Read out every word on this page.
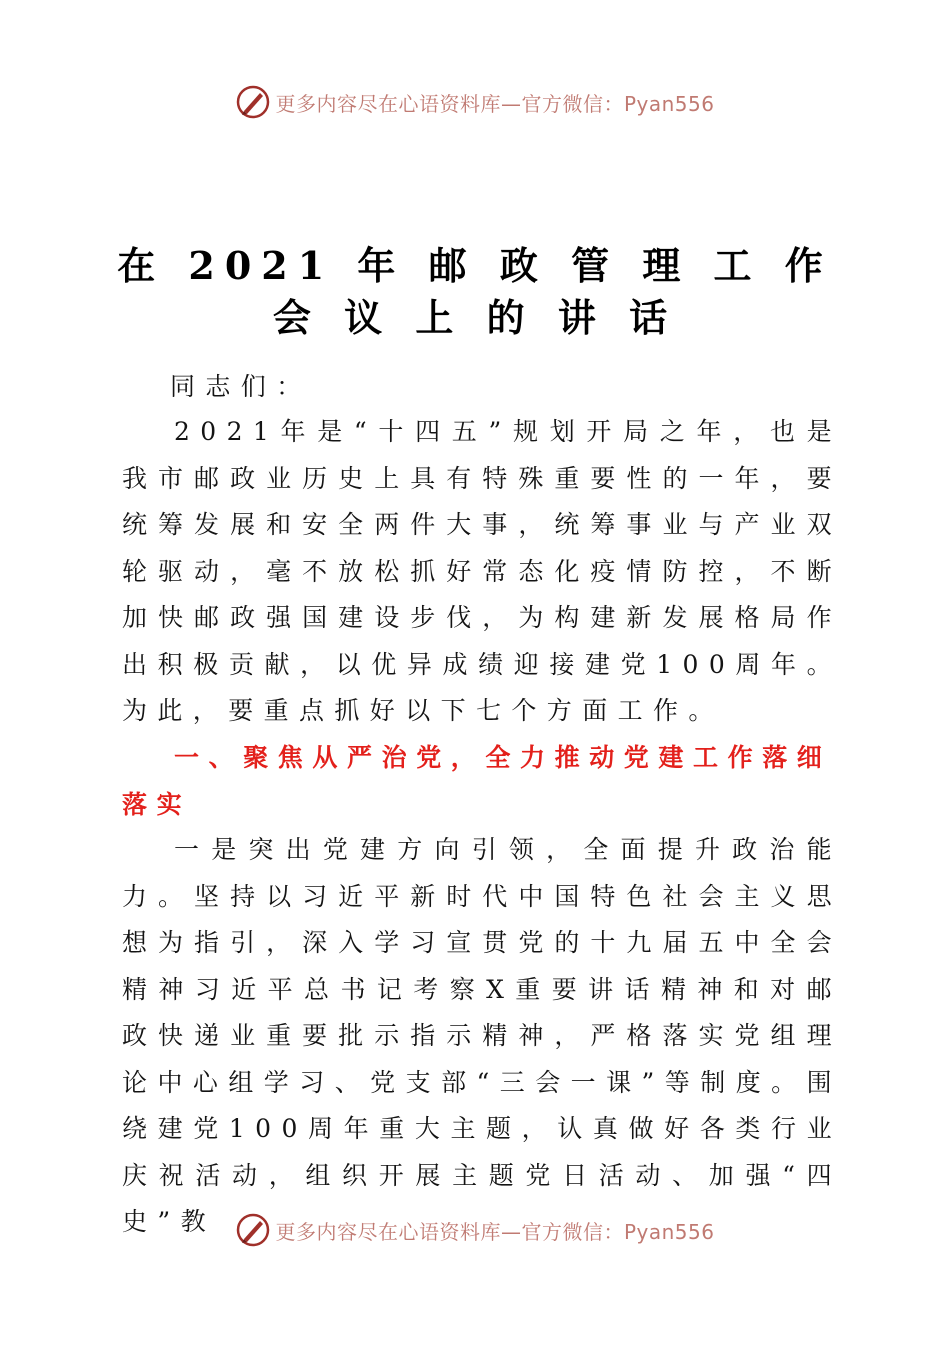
更多内容尽在心语资料库—官方微信：Pyan556
在 2021 年 邮 政 管 理 工 作 会 议 上 的 讲 话
同志们：
2021年是“十四五”规划开局之年，也是我市邮政业历史上具有特殊重要性的一年，要统筹发展和安全两件大事，统筹事业与产业双轮驱动，毫不放松抓好常态化疫情防控，不断加快邮政强国建设步伐，为构建新发展格局作出积极贡献，以优异成绩迎接建党100周年。为此，要重点抓好以下七个方面工作。
一、聚焦从严治党，全力推动党建工作落细落实
一是突出党建方向引领，全面提升政治能力。坚持以习近平新时代中国特色社会主义思想为指引，深入学习宣贯党的十九届五中全会精神习近平总书记考察X重要讲话精神和对邮政快递业重要批示指示精神，严格落实党组理论中心组学习、党支部“三会一课”等制度。围绕建党100周年重大主题，认真做好各类行业庆祝活动，组织开展主题党日活动、加强“四史”教	更多内容尽在心语资料库—官方微信：Pyan556
